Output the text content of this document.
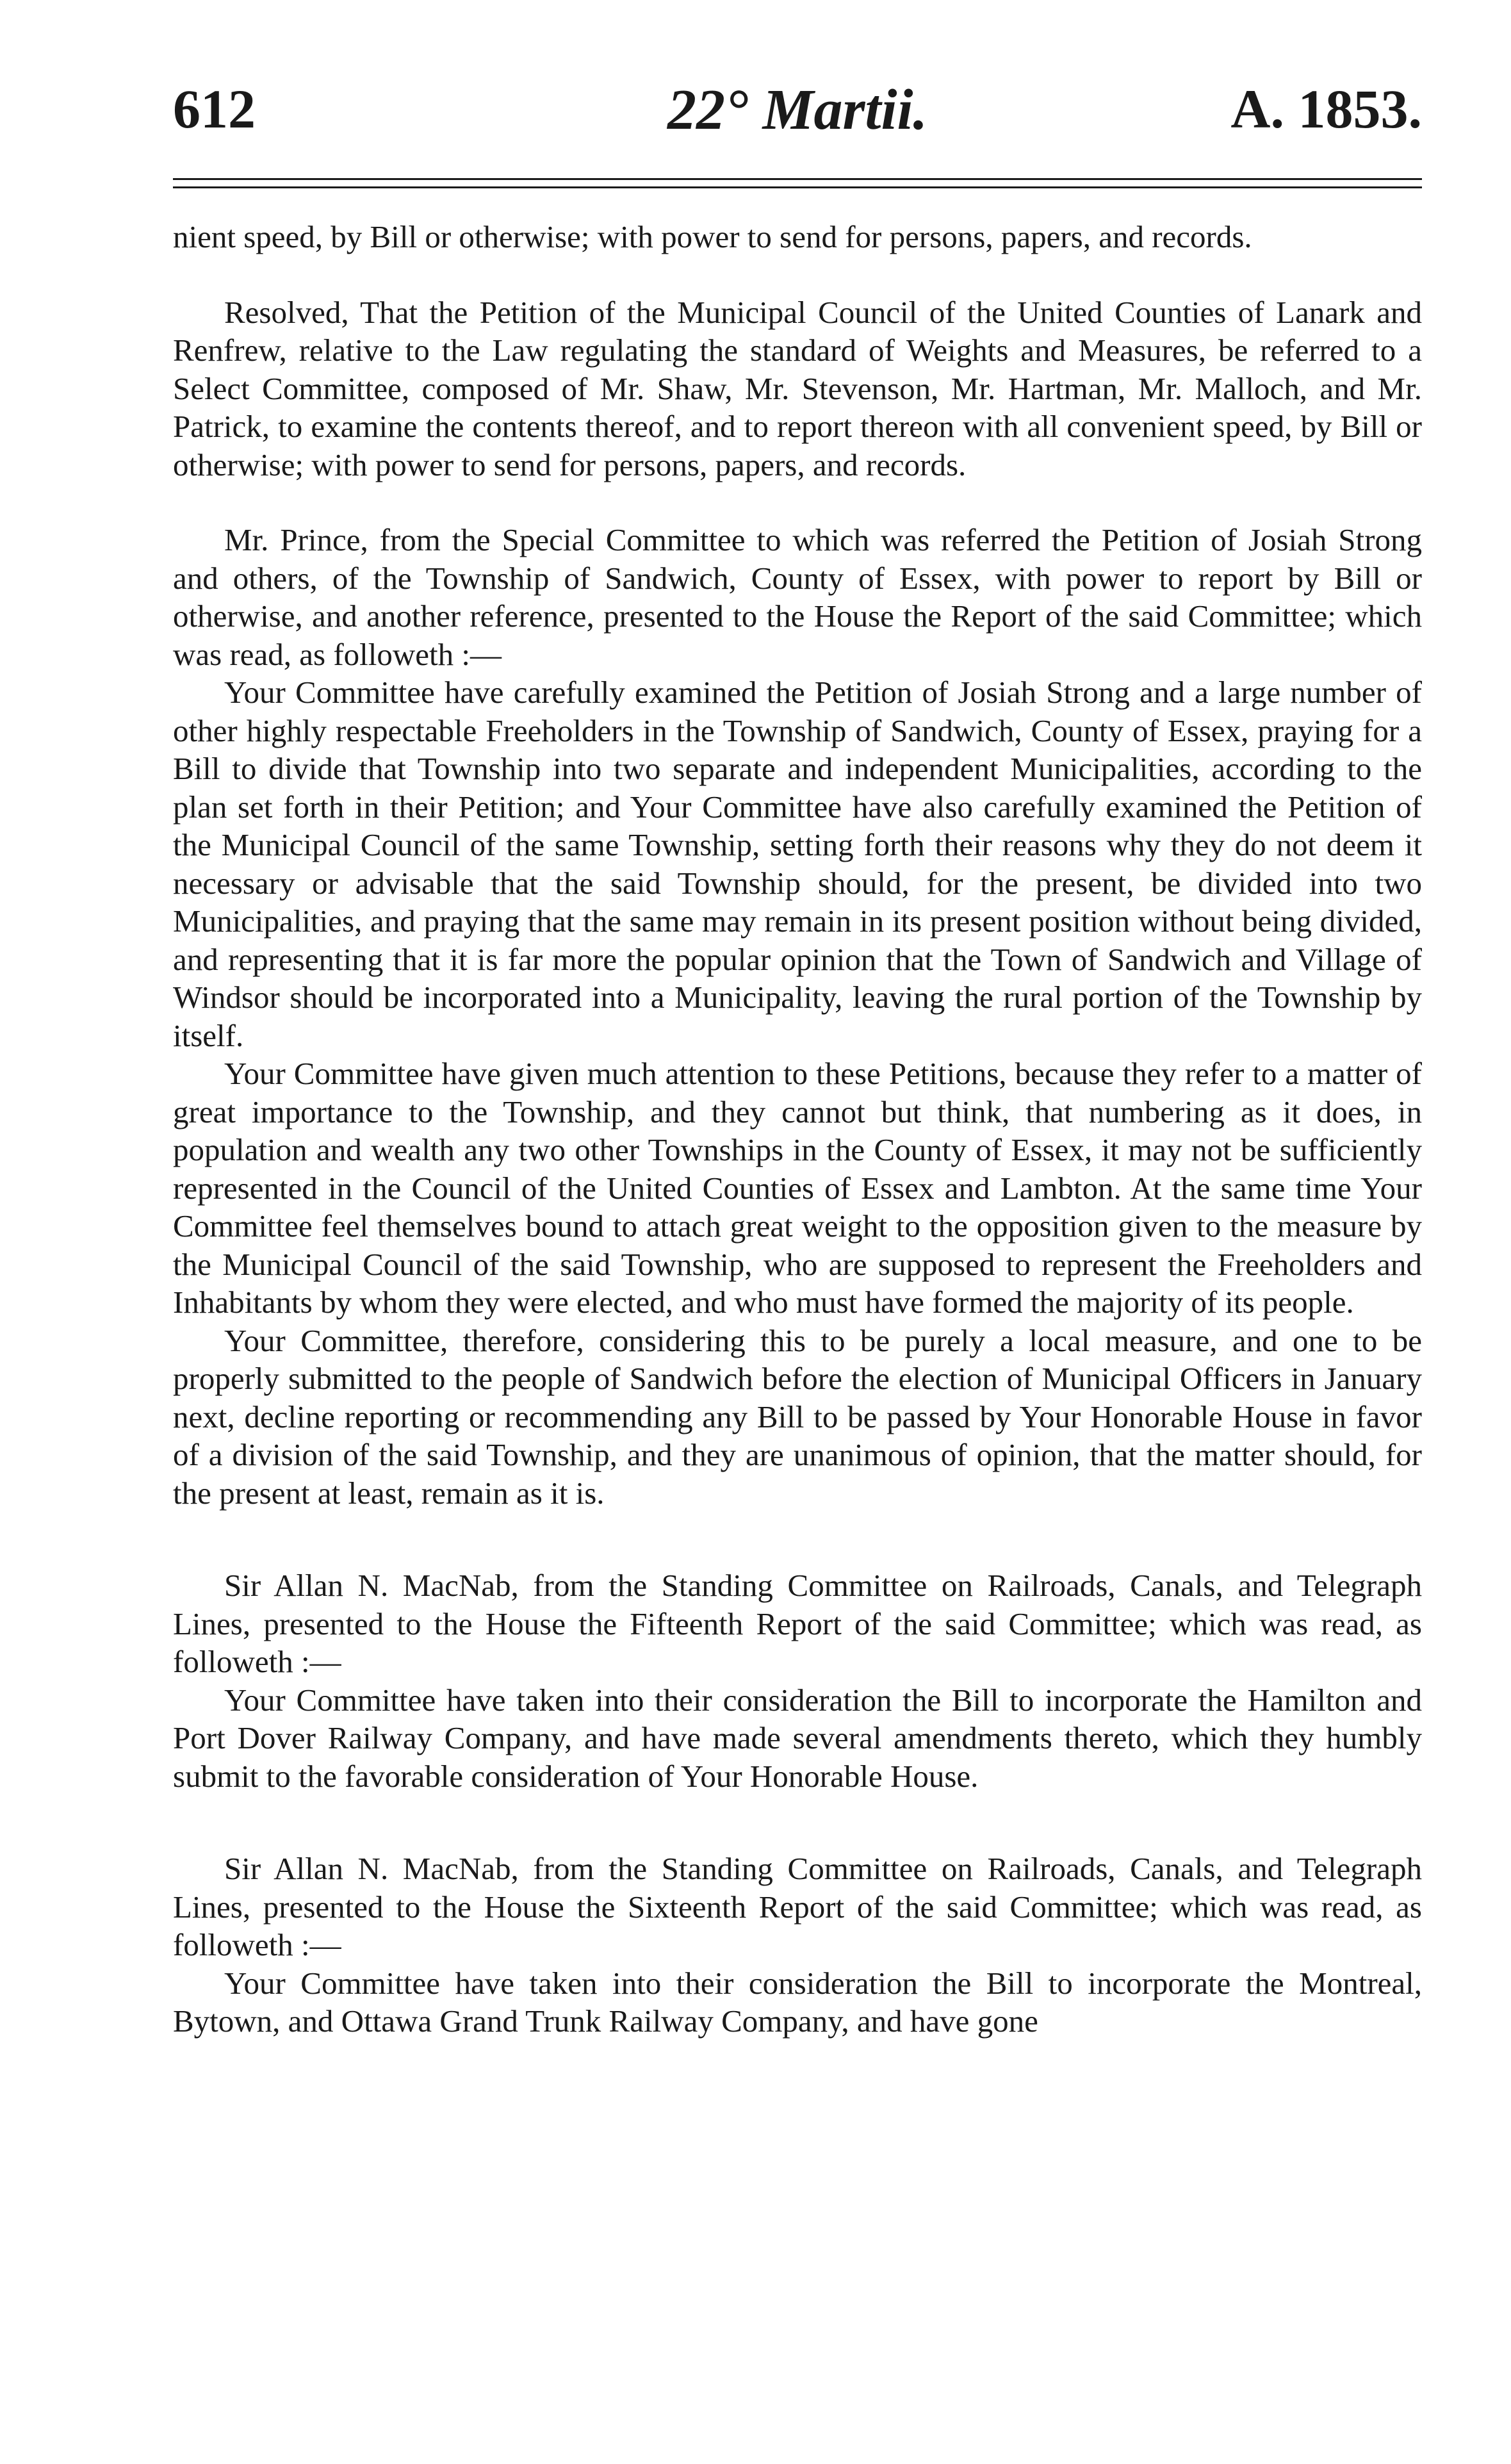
612	22° Martii.	A. 1853.

nient speed, by Bill or otherwise; with power to send for persons, papers, and records.

Resolved, That the Petition of the Municipal Council of the United Counties of Lanark and Renfrew, relative to the Law regulating the standard of Weights and Measures, be referred to a Select Committee, composed of Mr. Shaw, Mr. Stevenson, Mr. Hartman, Mr. Malloch, and Mr. Patrick, to examine the contents thereof, and to report thereon with all convenient speed, by Bill or otherwise; with power to send for persons, papers, and records.

Mr. Prince, from the Special Committee to which was referred the Petition of Josiah Strong and others, of the Township of Sandwich, County of Essex, with power to report by Bill or otherwise, and another reference, presented to the House the Report of the said Committee; which was read, as followeth :—

Your Committee have carefully examined the Petition of Josiah Strong and a large number of other highly respectable Freeholders in the Township of Sandwich, County of Essex, praying for a Bill to divide that Township into two separate and independent Municipalities, according to the plan set forth in their Petition; and Your Committee have also carefully examined the Petition of the Municipal Council of the same Township, setting forth their reasons why they do not deem it necessary or advisable that the said Township should, for the present, be divided into two Municipalities, and praying that the same may remain in its present position without being divided, and representing that it is far more the popular opinion that the Town of Sandwich and Village of Windsor should be incorporated into a Municipality, leaving the rural portion of the Township by itself.

Your Committee have given much attention to these Petitions, because they refer to a matter of great importance to the Township, and they cannot but think, that numbering as it does, in population and wealth any two other Townships in the County of Essex, it may not be sufficiently represented in the Council of the United Counties of Essex and Lambton. At the same time Your Committee feel themselves bound to attach great weight to the opposition given to the measure by the Municipal Council of the said Township, who are supposed to represent the Freeholders and Inhabitants by whom they were elected, and who must have formed the majority of its people.

Your Committee, therefore, considering this to be purely a local measure, and one to be properly submitted to the people of Sandwich before the election of Municipal Officers in January next, decline reporting or recommending any Bill to be passed by Your Honorable House in favor of a division of the said Township, and they are unanimous of opinion, that the matter should, for the present at least, remain as it is.

Sir Allan N. MacNab, from the Standing Committee on Railroads, Canals, and Telegraph Lines, presented to the House the Fifteenth Report of the said Committee; which was read, as followeth :—

Your Committee have taken into their consideration the Bill to incorporate the Hamilton and Port Dover Railway Company, and have made several amendments thereto, which they humbly submit to the favorable consideration of Your Honorable House.

Sir Allan N. MacNab, from the Standing Committee on Railroads, Canals, and Telegraph Lines, presented to the House the Sixteenth Report of the said Committee; which was read, as followeth :—

Your Committee have taken into their consideration the Bill to incorporate the Montreal, Bytown, and Ottawa Grand Trunk Railway Company, and have gone
